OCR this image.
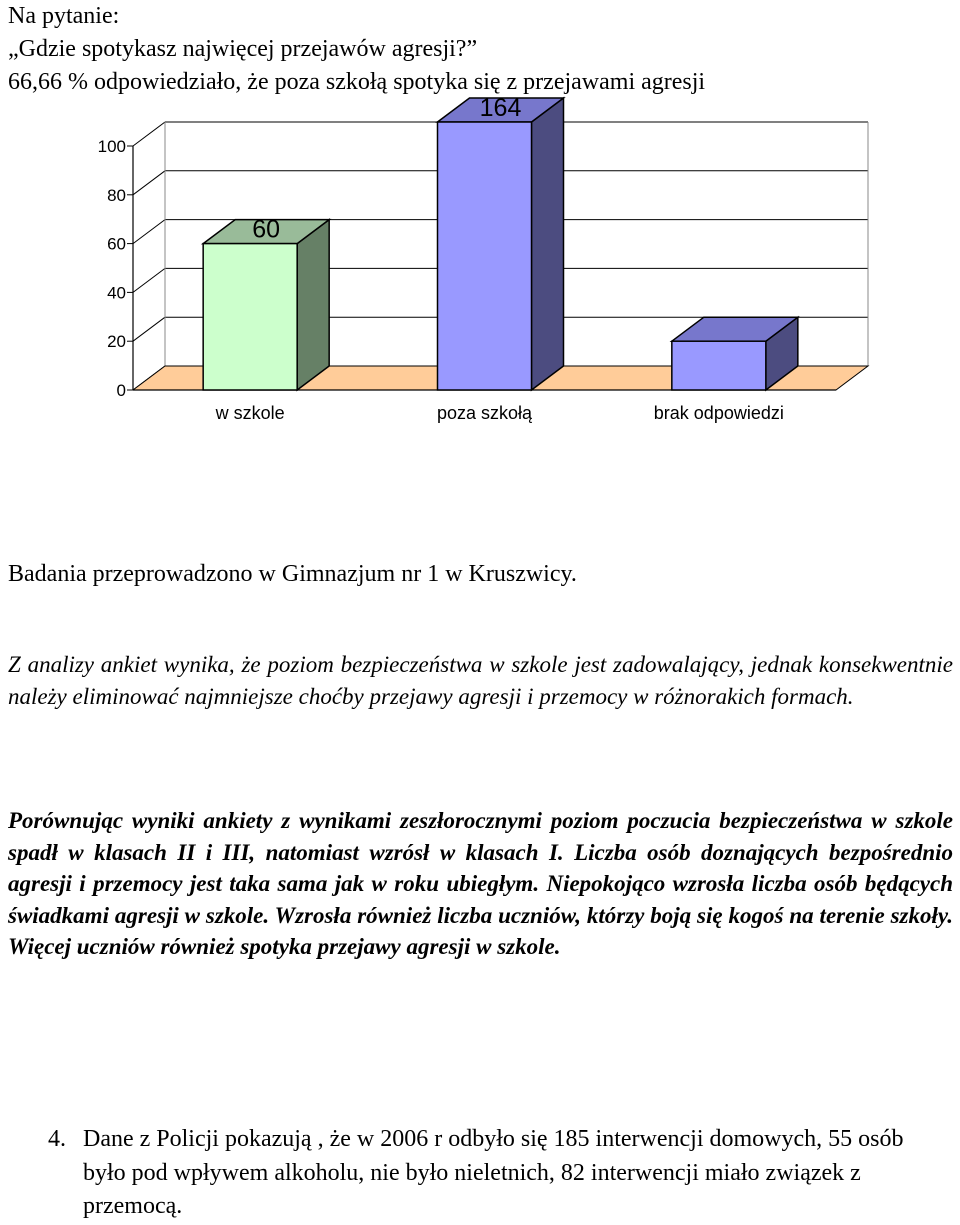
Na pytanie:
„Gdzie spotykasz najwięcej przejawów agresji?”
66,66 % odpowiedziało, że poza szkołą spotyka się z przejawami agresji
0
20
40
60
80
100
w szkole
60
poza szkołą
164
brak odpowiedzi
Badania przeprowadzono w Gimnazjum nr 1 w Kruszwicy.
Z analizy ankiet wynika, że poziom bezpieczeństwa w szkole jest zadowalający, jednak konsekwentnie należy eliminować najmniejsze choćby przejawy agresji i przemocy w różnorakich formach.
Porównując wyniki ankiety z wynikami zeszłorocznymi poziom poczucia bezpieczeństwa w szkole spadł w klasach II i III, natomiast wzrósł w klasach I. Liczba osób doznających bezpośrednio agresji i przemocy jest taka sama jak w roku ubiegłym. Niepokojąco wzrosła liczba osób będących świadkami agresji w szkole. Wzrosła również liczba uczniów, którzy boją się kogoś na terenie szkoły. Więcej uczniów również spotyka przejawy agresji w szkole.
4. Dane z Policji pokazują , że w 2006 r odbyło się 185 interwencji domowych, 55 osób było pod wpływem alkoholu, nie było nieletnich, 82 interwencji miało związek z przemocą.
